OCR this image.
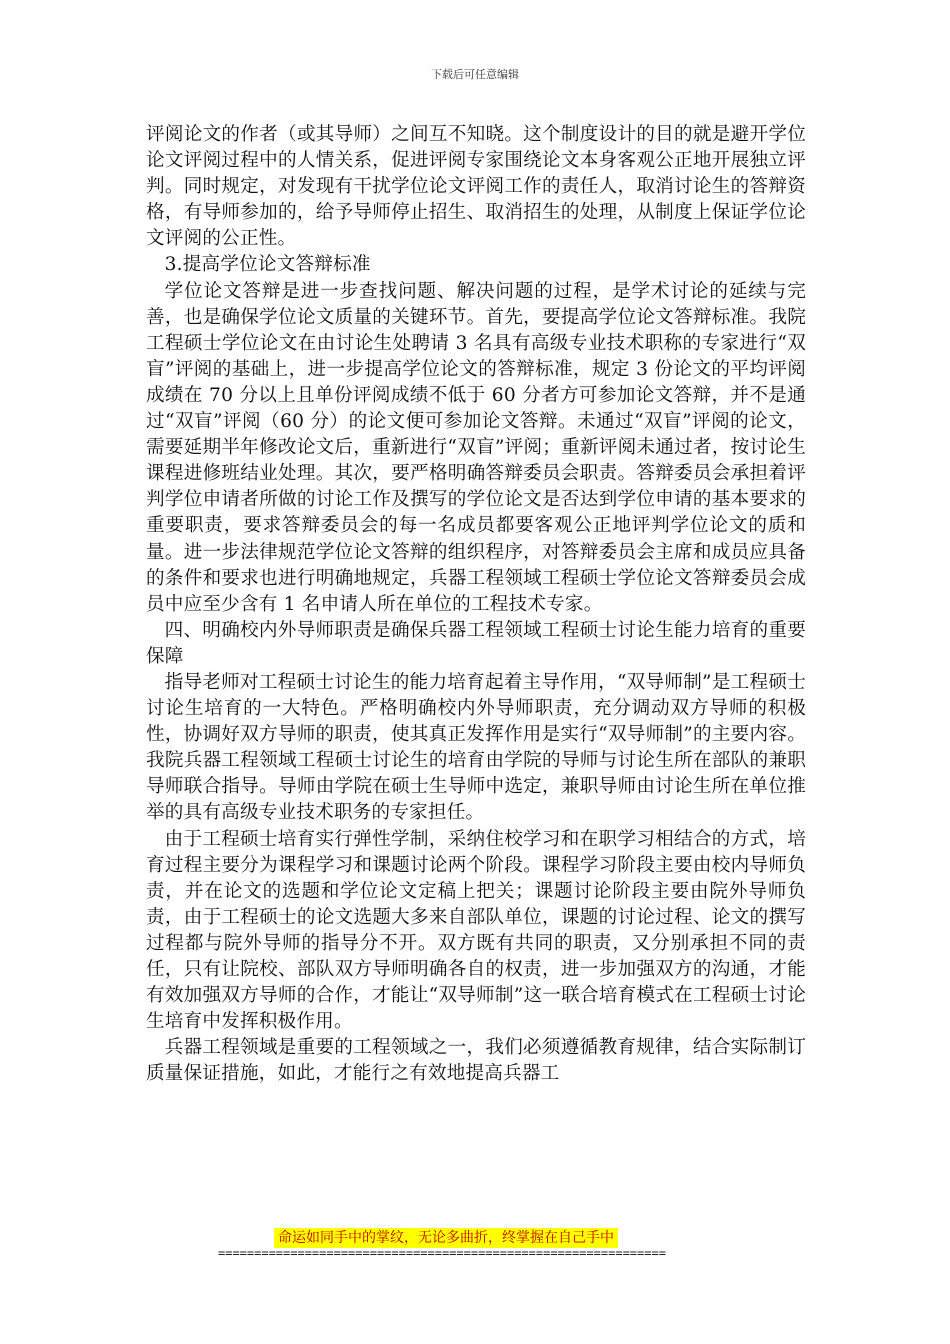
下载后可任意编辑

评阅论文的作者（或其导师）之间互不知晓。这个制度设计的目的就是避开学位论文评阅过程中的人情关系，促进评阅专家围绕论文本身客观公正地开展独立评判。同时规定，对发现有干扰学位论文评阅工作的责任人，取消讨论生的答辩资格，有导师参加的，给予导师停止招生、取消招生的处理，从制度上保证学位论文评阅的公正性。

3.提高学位论文答辩标准

学位论文答辩是进一步查找问题、解决问题的过程，是学术讨论的延续与完善，也是确保学位论文质量的关键环节。首先，要提高学位论文答辩标准。我院工程硕士学位论文在由讨论生处聘请 3 名具有高级专业技术职称的专家进行“双盲”评阅的基础上，进一步提高学位论文的答辩标准，规定 3 份论文的平均评阅成绩在 70 分以上且单份评阅成绩不低于 60 分者方可参加论文答辩，并不是通过“双盲”评阅（60 分）的论文便可参加论文答辩。未通过“双盲”评阅的论文，需要延期半年修改论文后，重新进行“双盲”评阅；重新评阅未通过者，按讨论生课程进修班结业处理。其次，要严格明确答辩委员会职责。答辩委员会承担着评判学位申请者所做的讨论工作及撰写的学位论文是否达到学位申请的基本要求的重要职责，要求答辩委员会的每一名成员都要客观公正地评判学位论文的质和量。进一步法律规范学位论文答辩的组织程序，对答辩委员会主席和成员应具备的条件和要求也进行明确地规定，兵器工程领域工程硕士学位论文答辩委员会成员中应至少含有 1 名申请人所在单位的工程技术专家。

四、明确校内外导师职责是确保兵器工程领域工程硕士讨论生能力培育的重要保障

指导老师对工程硕士讨论生的能力培育起着主导作用，“双导师制”是工程硕士讨论生培育的一大特色。严格明确校内外导师职责，充分调动双方导师的积极性，协调好双方导师的职责，使其真正发挥作用是实行“双导师制”的主要内容。我院兵器工程领域工程硕士讨论生的培育由学院的导师与讨论生所在部队的兼职导师联合指导。导师由学院在硕士生导师中选定，兼职导师由讨论生所在单位推举的具有高级专业技术职务的专家担任。

由于工程硕士培育实行弹性学制，采纳住校学习和在职学习相结合的方式，培育过程主要分为课程学习和课题讨论两个阶段。课程学习阶段主要由校内导师负责，并在论文的选题和学位论文定稿上把关；课题讨论阶段主要由院外导师负责，由于工程硕士的论文选题大多来自部队单位，课题的讨论过程、论文的撰写过程都与院外导师的指导分不开。双方既有共同的职责，又分别承担不同的责任，只有让院校、部队双方导师明确各自的权责，进一步加强双方的沟通，才能有效加强双方导师的合作，才能让“双导师制”这一联合培育模式在工程硕士讨论生培育中发挥积极作用。

兵器工程领域是重要的工程领域之一，我们必须遵循教育规律，结合实际制订质量保证措施，如此，才能行之有效地提高兵器工

命运如同手中的掌纹，无论多曲折，终掌握在自己手中
==============================================================
